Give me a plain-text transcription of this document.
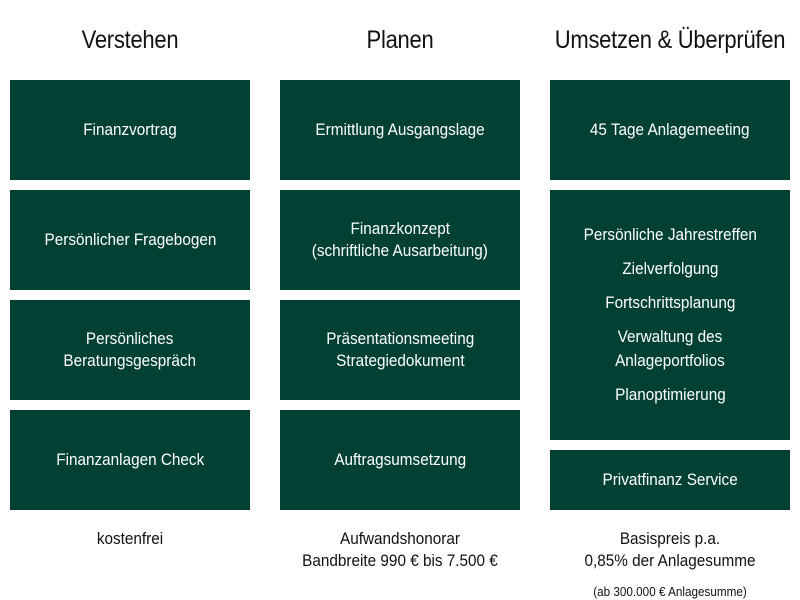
Verstehen
Finanzvortrag
Persönlicher Fragebogen
Persönliches
Beratungsgespräch
Finanzanlagen Check
kostenfrei
Planen
Ermittlung Ausgangslage
Finanzkonzept
(schriftliche Ausarbeitung)
Präsentationsmeeting
Strategiedokument
Auftragsumsetzung
Aufwandshonorar
Bandbreite 990 € bis 7.500 €
Umsetzen & Überprüfen
45 Tage Anlagemeeting
Persönliche Jahrestreffen
Zielverfolgung
Fortschrittsplanung
Verwaltung des
Anlageportfolios
Planoptimierung
Privatfinanz Service
Basispreis p.a.
0,85% der Anlagesumme
(ab 300.000 € Anlagesumme)
